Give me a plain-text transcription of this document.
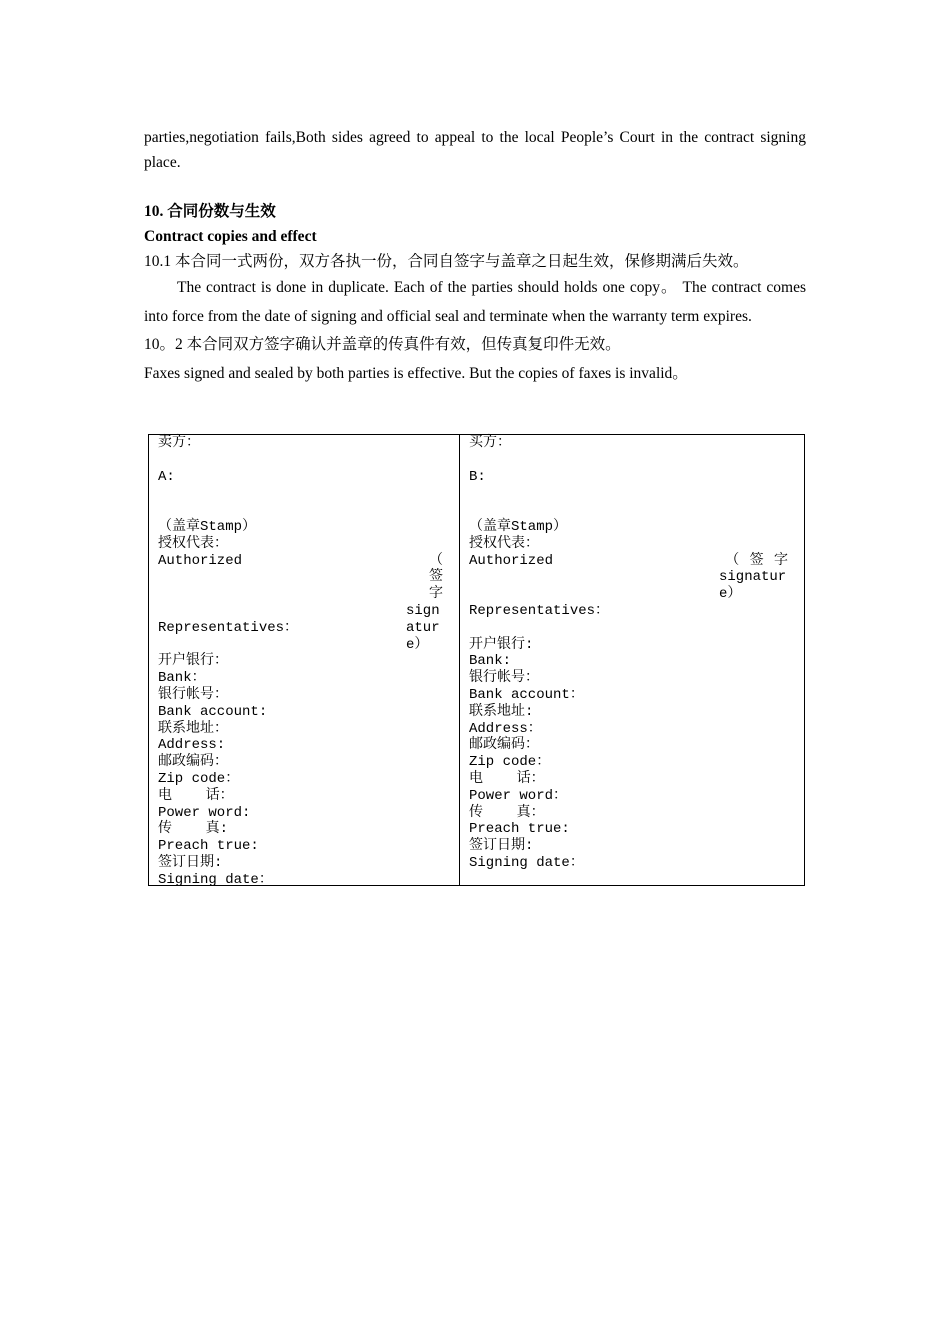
parties,negotiation fails,Both sides agreed to appeal to the local People’s Court in the contract signing place.

10. 合同份数与生效

Contract copies and effect

10.1 本合同一式两份，双方各执一份，合同自签字与盖章之日起生效，保修期满后失效。

The contract is done in duplicate. Each of the parties should holds one copy。 The contract comes into force from the date of signing and official seal and terminate when the warranty term expires.

10。2 本合同双方签字确认并盖章的传真件有效，但传真复印件无效。

Faxes signed and sealed by both parties is effective. But the copies of faxes is invalid。

卖方：
A:
（盖章Stamp）
授权代表：
Authorized	（ 签 字
signature）
Representatives：
开户银行：
Bank：
银行帐号：
Bank account:
联系地址：
Address:
邮政编码：
Zip code：
电    话：
Power word:
传    真:
Preach true:
签订日期:
Signing date：
买方：
B:
（盖章Stamp）
授权代表：
Authorized	（ 签 字
signature）
Representatives：
开户银行:
Bank:
银行帐号：
Bank account：
联系地址:
Address：
邮政编码：
Zip code：
电    话：
Power word：
传    真：
Preach true:
签订日期:
Signing date：
